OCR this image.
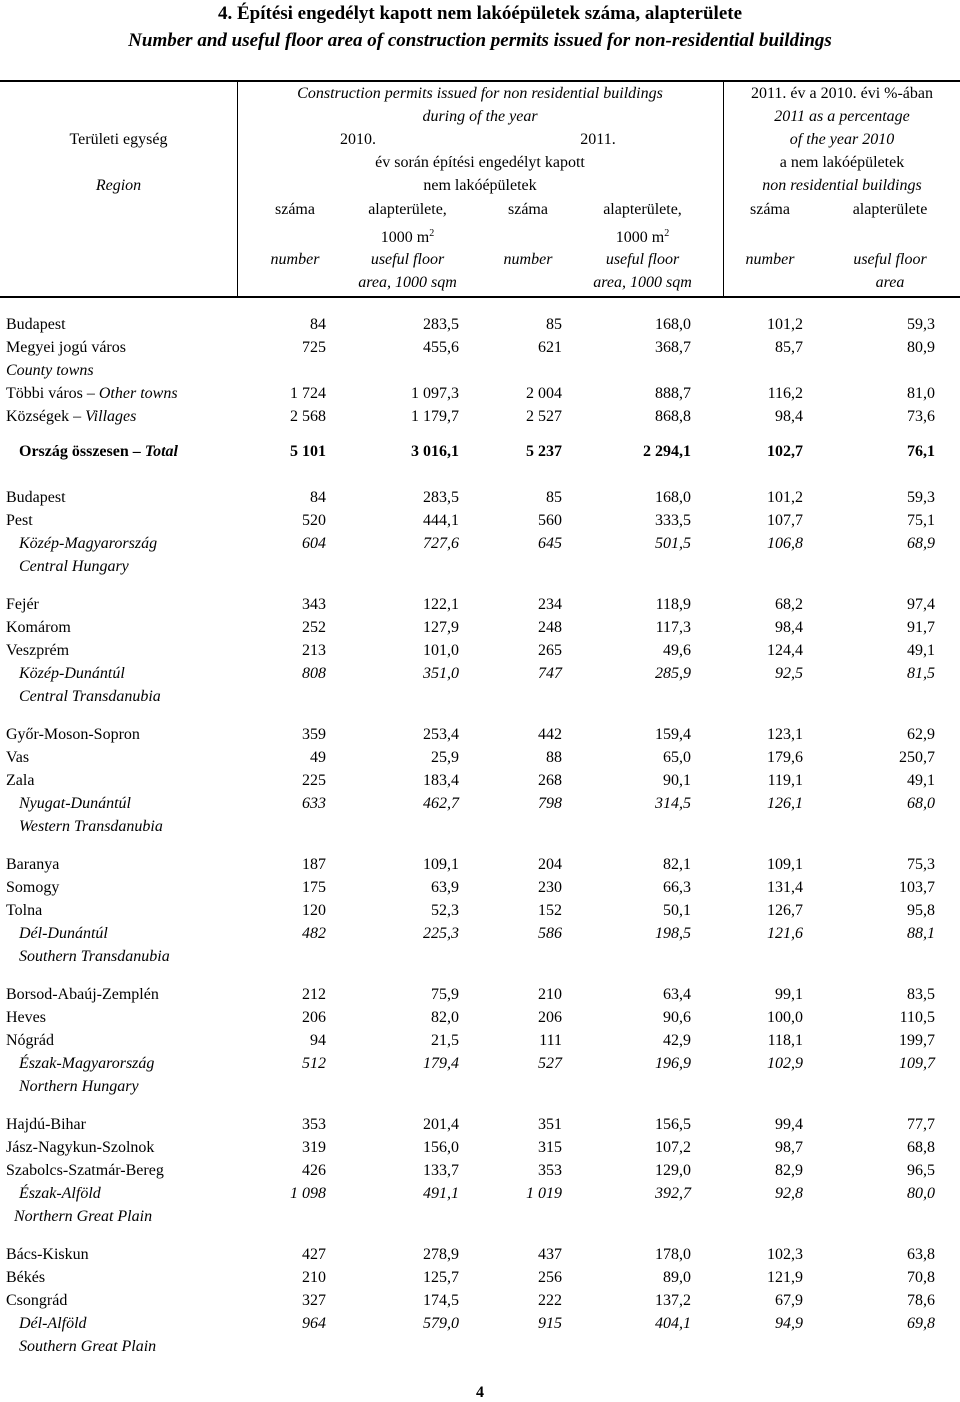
4. Építési engedélyt kapott nem lakóépületek száma, alapterülete
Number and useful floor area of construction permits issued for non-residential buildings
Területi egység
Region
Construction permits issued for non residential buildings
during of the year
2010.	2011.
év során építési engedélyt kapott
nem lakóépületek
2011. év a 2010. évi %-ában
2011 as a percentage
of the year 2010
a nem lakóépületek
non residential buildings
száma	alapterülete,	száma	alapterülete,	száma	alapterülete
1000 $m^2$	1000 $m^2$
number	useful floor	number	useful floor	number	useful floor
area, 1000 sqm	area, 1000 sqm	area
Budapest	84	283,5	85	168,0	101,2	59,3
Megyei jogú város	725	455,6	621	368,7	85,7	80,9
County towns
Többi város – Other towns	1 724	1 097,3	2 004	888,7	116,2	81,0
Községek – Villages	2 568	1 179,7	2 527	868,8	98,4	73,6
Ország összesen – Total	5 101	3 016,1	5 237	2 294,1	102,7	76,1
Budapest	84	283,5	85	168,0	101,2	59,3
Pest	520	444,1	560	333,5	107,7	75,1
Közép-Magyarország	604	727,6	645	501,5	106,8	68,9
Central Hungary
Fejér	343	122,1	234	118,9	68,2	97,4
Komárom	252	127,9	248	117,3	98,4	91,7
Veszprém	213	101,0	265	49,6	124,4	49,1
Közép-Dunántúl	808	351,0	747	285,9	92,5	81,5
Central Transdanubia
Győr-Moson-Sopron	359	253,4	442	159,4	123,1	62,9
Vas	49	25,9	88	65,0	179,6	250,7
Zala	225	183,4	268	90,1	119,1	49,1
Nyugat-Dunántúl	633	462,7	798	314,5	126,1	68,0
Western Transdanubia
Baranya	187	109,1	204	82,1	109,1	75,3
Somogy	175	63,9	230	66,3	131,4	103,7
Tolna	120	52,3	152	50,1	126,7	95,8
Dél-Dunántúl	482	225,3	586	198,5	121,6	88,1
Southern Transdanubia
Borsod-Abaúj-Zemplén	212	75,9	210	63,4	99,1	83,5
Heves	206	82,0	206	90,6	100,0	110,5
Nógrád	94	21,5	111	42,9	118,1	199,7
Észak-Magyarország	512	179,4	527	196,9	102,9	109,7
Northern Hungary
Hajdú-Bihar	353	201,4	351	156,5	99,4	77,7
Jász-Nagykun-Szolnok	319	156,0	315	107,2	98,7	68,8
Szabolcs-Szatmár-Bereg	426	133,7	353	129,0	82,9	96,5
Észak-Alföld	1 098	491,1	1 019	392,7	92,8	80,0
Northern Great Plain
Bács-Kiskun	427	278,9	437	178,0	102,3	63,8
Békés	210	125,7	256	89,0	121,9	70,8
Csongrád	327	174,5	222	137,2	67,9	78,6
Dél-Alföld	964	579,0	915	404,1	94,9	69,8
Southern Great Plain
4
